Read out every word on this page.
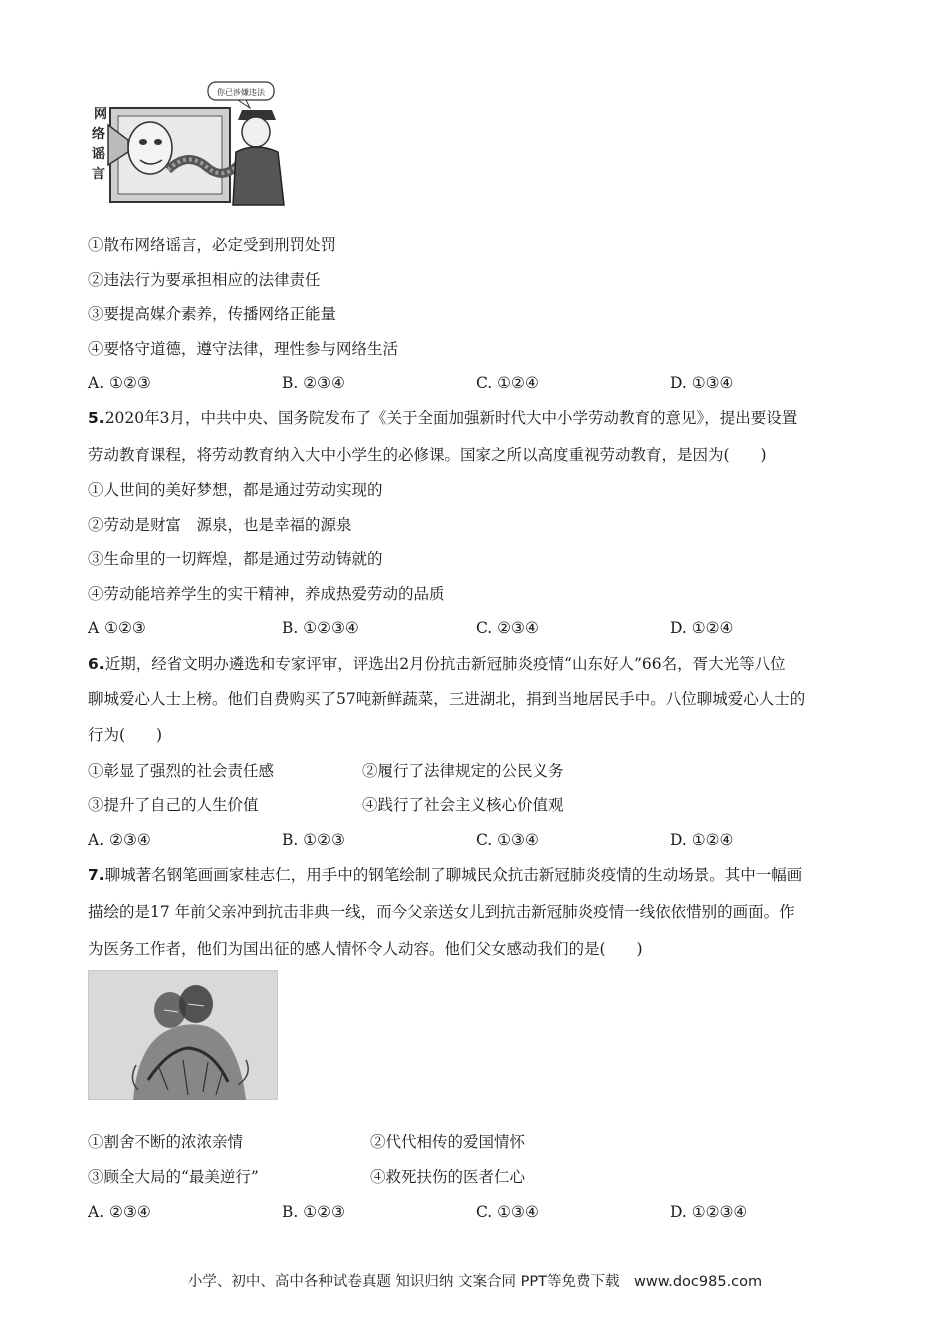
你已涉嫌违法
网
络
谣
言
①散布网络谣言，必定受到刑罚处罚
②违法行为要承担相应的法律责任
③要提高媒介素养，传播网络正能量
④要恪守道德，遵守法律，理性参与网络生活
A. ①②③	B. ②③④	C. ①②④	D. ①③④
5.2020年3月，中共中央、国务院发布了《关于全面加强新时代大中小学劳动教育的意见》，提出要设置
劳动教育课程，将劳动教育纳入大中小学生的必修课。国家之所以高度重视劳动教育，是因为(　　)
①人世间的美好梦想，都是通过劳动实现的
②劳动是财富　源泉，也是幸福的源泉
③生命里的一切辉煌，都是通过劳动铸就的
④劳动能培养学生的实干精神，养成热爱劳动的品质
A ①②③	B. ①②③④	C. ②③④	D. ①②④
6.近期，经省文明办遴选和专家评审，评选出2月份抗击新冠肺炎疫情“山东好人”66名，胥大光等八位
聊城爱心人士上榜。他们自费购买了57吨新鲜蔬菜，三进湖北，捐到当地居民手中。八位聊城爱心人士的
行为(　　)
①彰显了强烈的社会责任感	②履行了法律规定的公民义务
③提升了自己的人生价值	④践行了社会主义核心价值观
A. ②③④	B. ①②③	C. ①③④	D. ①②④
7.聊城著名钢笔画画家桂志仁，用手中的钢笔绘制了聊城民众抗击新冠肺炎疫情的生动场景。其中一幅画
描绘的是17 年前父亲冲到抗击非典一线，而今父亲送女儿到抗击新冠肺炎疫情一线依依惜别的画面。作
为医务工作者，他们为国出征的感人情怀令人动容。他们父女感动我们的是(　　)
①割舍不断的浓浓亲情	②代代相传的爱国情怀
③顾全大局的“最美逆行”	④救死扶伤的医者仁心
A. ②③④	B. ①②③	C. ①③④	D. ①②③④
小学、初中、高中各种试卷真题 知识归纳 文案合同 PPT等免费下载　www.doc985.com
